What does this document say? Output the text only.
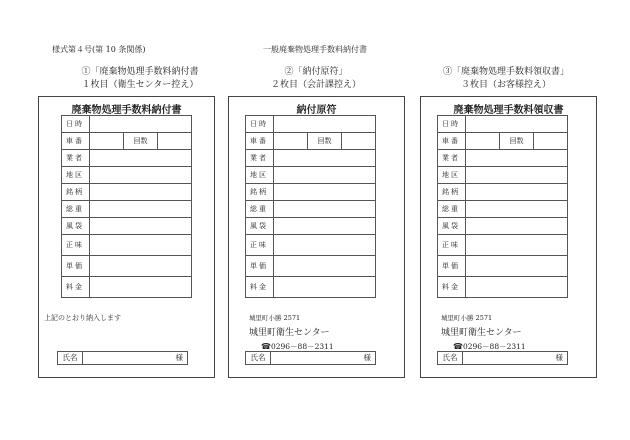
様式第４号(第 10 条関係)	一般廃棄物処理手数料納付書
①「廃棄物処理手数料納付書
１枚目（衛生センター控え）
②「納付原符」
２枚目（会計課控え）
③「廃棄物処理手数料領収書」
３枚目（お客様控え）
廃棄物処理手数料納付書
日時			
車番		回数	
業者			
地区			
銘柄			
総重			
風袋			
正味			
単価			
料金			
上記のとおり納入します
氏名	様
納付原符
日時			
車番		回数	
業者			
地区			
銘柄			
総重			
風袋			
正味			
単価			
料金			
城里町小勝 2571
城里町衛生センター
☎0296－88－2311
氏名	様
廃棄物処理手数料領収書
日時			
車番		回数	
業者			
地区			
銘柄			
総重			
風袋			
正味			
単価			
料金			
城里町小勝 2571
城里町衛生センター
☎0296－88－2311
氏名	様
